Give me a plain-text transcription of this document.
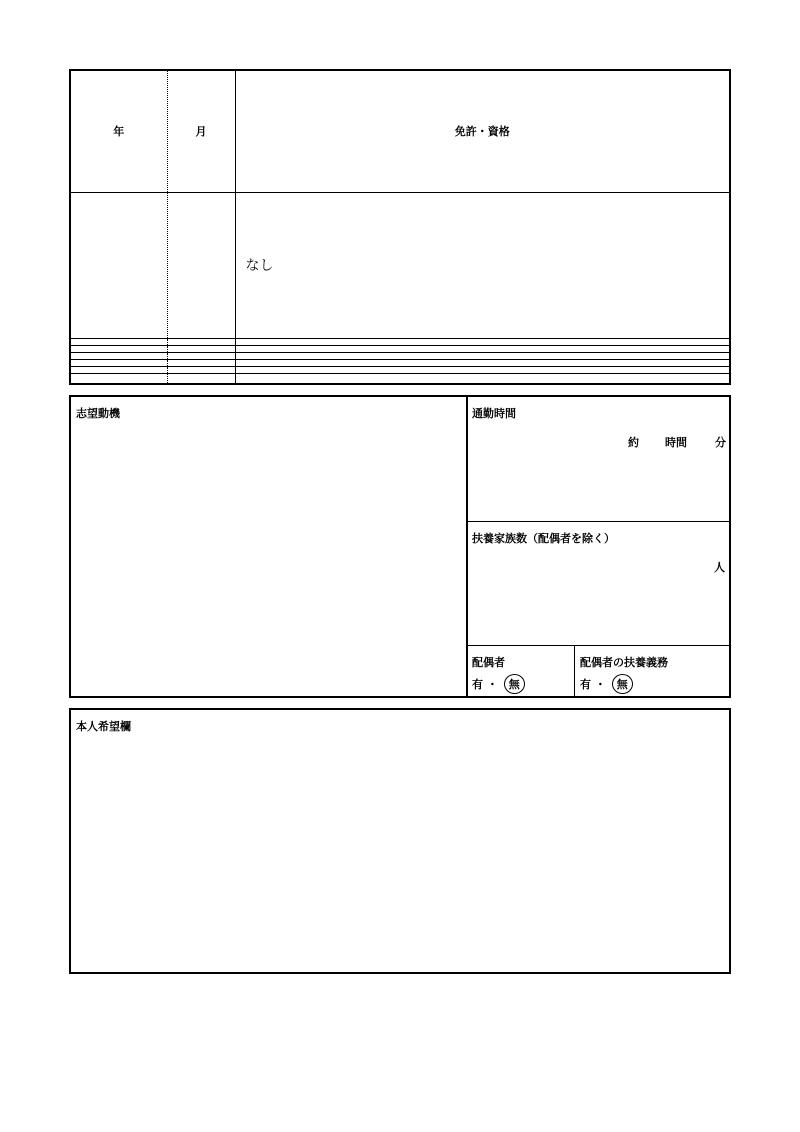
年	月	免許・資格
		なし

志望動機	通勤時間
約 時間	分
扶養家族数（配偶者を除く）
人
配偶者
有 ・ 無
配偶者の扶養義務
有 ・ 無
本人希望欄
